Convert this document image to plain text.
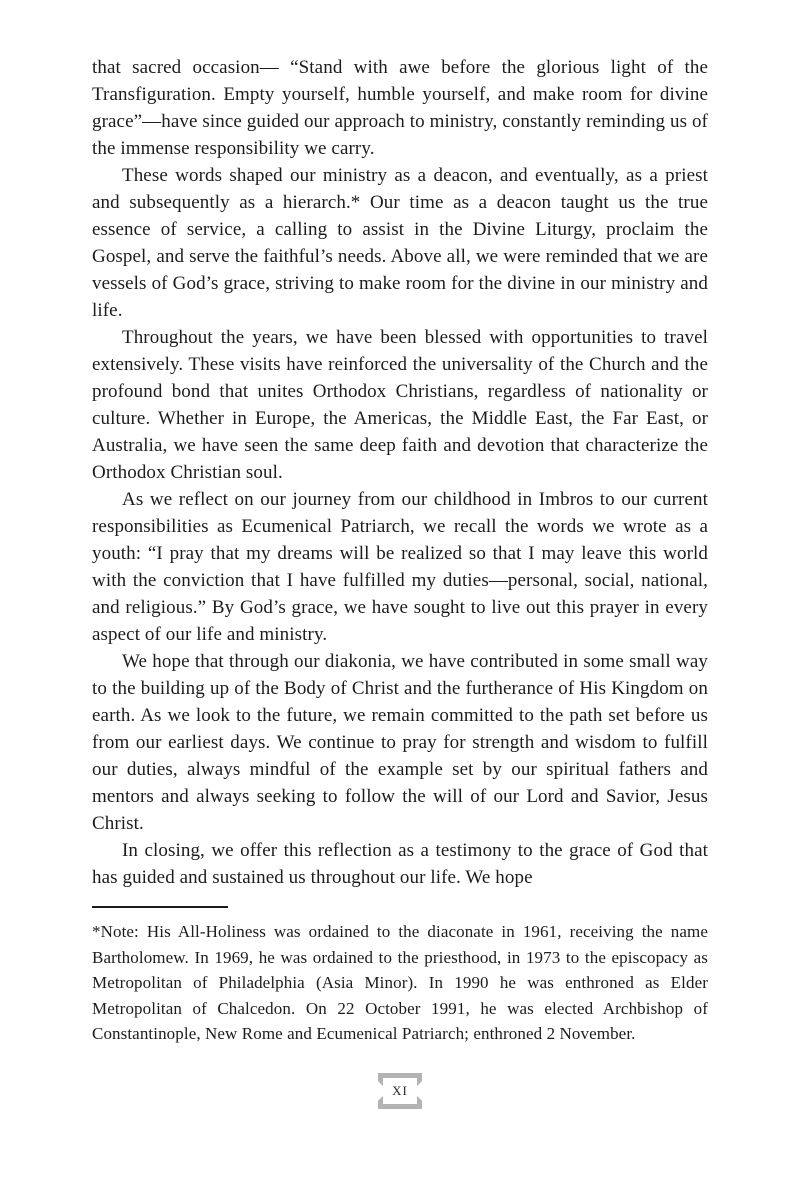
that sacred occasion— “Stand with awe before the glorious light of the Transfiguration. Empty yourself, humble yourself, and make room for divine grace”—have since guided our approach to ministry, constantly reminding us of the immense responsibility we carry.

These words shaped our ministry as a deacon, and eventually, as a priest and subsequently as a hierarch.* Our time as a deacon taught us the true essence of service, a calling to assist in the Divine Liturgy, proclaim the Gospel, and serve the faithful’s needs. Above all, we were reminded that we are vessels of God’s grace, striving to make room for the divine in our ministry and life.

Throughout the years, we have been blessed with opportunities to travel extensively. These visits have reinforced the universality of the Church and the profound bond that unites Orthodox Christians, regardless of nationality or culture. Whether in Europe, the Americas, the Middle East, the Far East, or Australia, we have seen the same deep faith and devotion that characterize the Orthodox Christian soul.

As we reflect on our journey from our childhood in Imbros to our current responsibilities as Ecumenical Patriarch, we recall the words we wrote as a youth: “I pray that my dreams will be realized so that I may leave this world with the conviction that I have fulfilled my duties—personal, social, national, and religious.” By God’s grace, we have sought to live out this prayer in every aspect of our life and ministry.

We hope that through our diakonia, we have contributed in some small way to the building up of the Body of Christ and the furtherance of His Kingdom on earth. As we look to the future, we remain committed to the path set before us from our earliest days. We continue to pray for strength and wisdom to fulfill our duties, always mindful of the example set by our spiritual fathers and mentors and always seeking to follow the will of our Lord and Savior, Jesus Christ.

In closing, we offer this reflection as a testimony to the grace of God that has guided and sustained us throughout our life. We hope

*Note: His All-Holiness was ordained to the diaconate in 1961, receiving the name Bartholomew. In 1969, he was ordained to the priesthood, in 1973 to the episcopacy as Metropolitan of Philadelphia (Asia Minor). In 1990 he was enthroned as Elder Metropolitan of Chalcedon. On 22 October 1991, he was elected Archbishop of Constantinople, New Rome and Ecumenical Patriarch; enthroned 2 November.

XI
